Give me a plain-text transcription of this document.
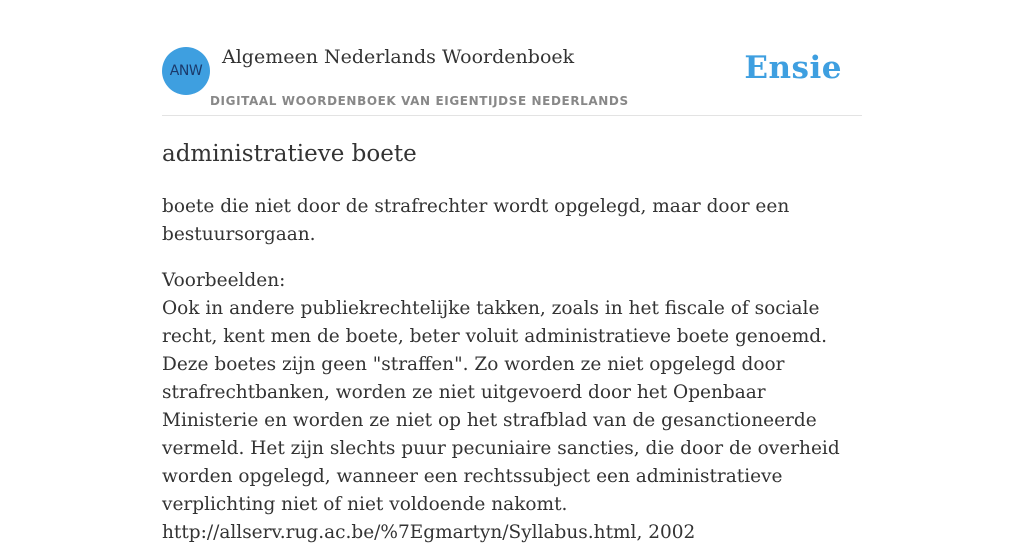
ANW
Algemeen Nederlands Woordenboek
DIGITAAL WOORDENBOEK VAN EIGENTIJDSE NEDERLANDS
Ensie
administratieve boete

boete die niet door de strafrechter wordt opgelegd, maar door een bestuursorgaan.

Voorbeelden:
Ook in andere publiekrechtelijke takken, zoals in het fiscale of sociale recht, kent men de boete, beter voluit administratieve boete genoemd. Deze boetes zijn geen "straffen". Zo worden ze niet opgelegd door strafrechtbanken, worden ze niet uitgevoerd door het Openbaar Ministerie en worden ze niet op het strafblad van de gesanctioneerde vermeld. Het zijn slechts puur pecuniaire sancties, die door de overheid worden opgelegd, wanneer een rechtssubject een administratieve verplichting niet of niet voldoende nakomt.
http://allserv.rug.ac.be/%7Egmartyn/Syllabus.html, 2002
